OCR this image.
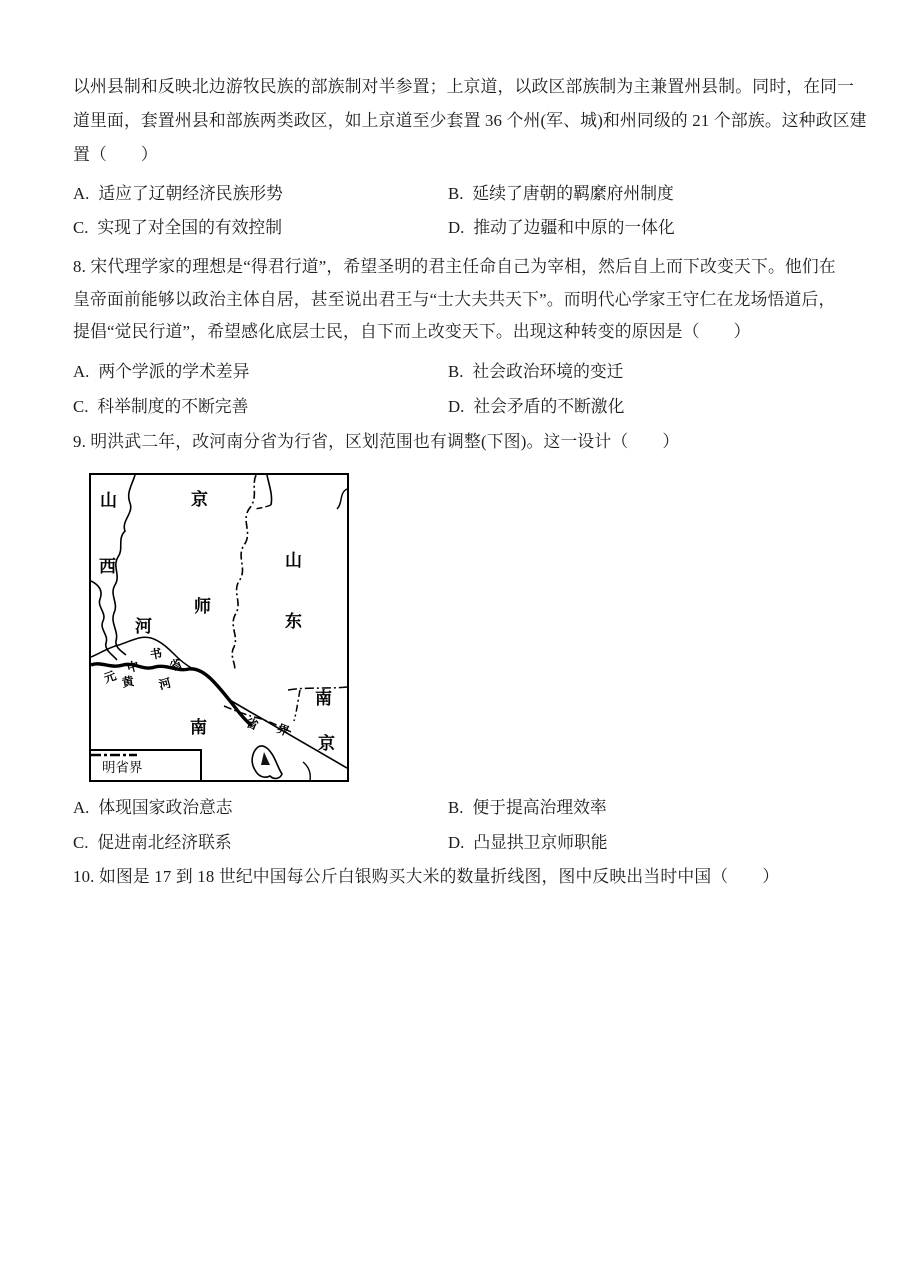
以州县制和反映北边游牧民族的部族制对半参置；上京道，以政区部族制为主兼置州县制。同时，在同一
道里面，套置州县和部族两类政区，如上京道至少套置 36 个州(军、城)和州同级的 21 个部族。这种政区建
置（　　）
A. 适应了辽朝经济民族形势	B. 延续了唐朝的羁縻府州制度
C. 实现了对全国的有效控制	D. 推动了边疆和中原的一体化
8. 宋代理学家的理想是“得君行道”，希望圣明的君主任命自己为宰相，然后自上而下改变天下。他们在
皇帝面前能够以政治主体自居，甚至说出君王与“士大夫共天下”。而明代心学家王守仁在龙场悟道后，
提倡“觉民行道”，希望感化底层士民，自下而上改变天下。出现这种转变的原因是（　　）
A. 两个学派的学术差异	B. 社会政治环境的变迁
C. 科举制度的不断完善	D. 社会矛盾的不断激化
9. 明洪武二年，改河南分省为行省，区划范围也有调整(下图)。这一设计（　　）
山
西
京
师
山
东
河
南
南
京
元
中
书
省
黄 河
省 界
明省界
A. 体现国家政治意志	B. 便于提高治理效率
C. 促进南北经济联系	D. 凸显拱卫京师职能
10. 如图是 17 到 18 世纪中国每公斤白银购买大米的数量折线图，图中反映出当时中国（　　）
